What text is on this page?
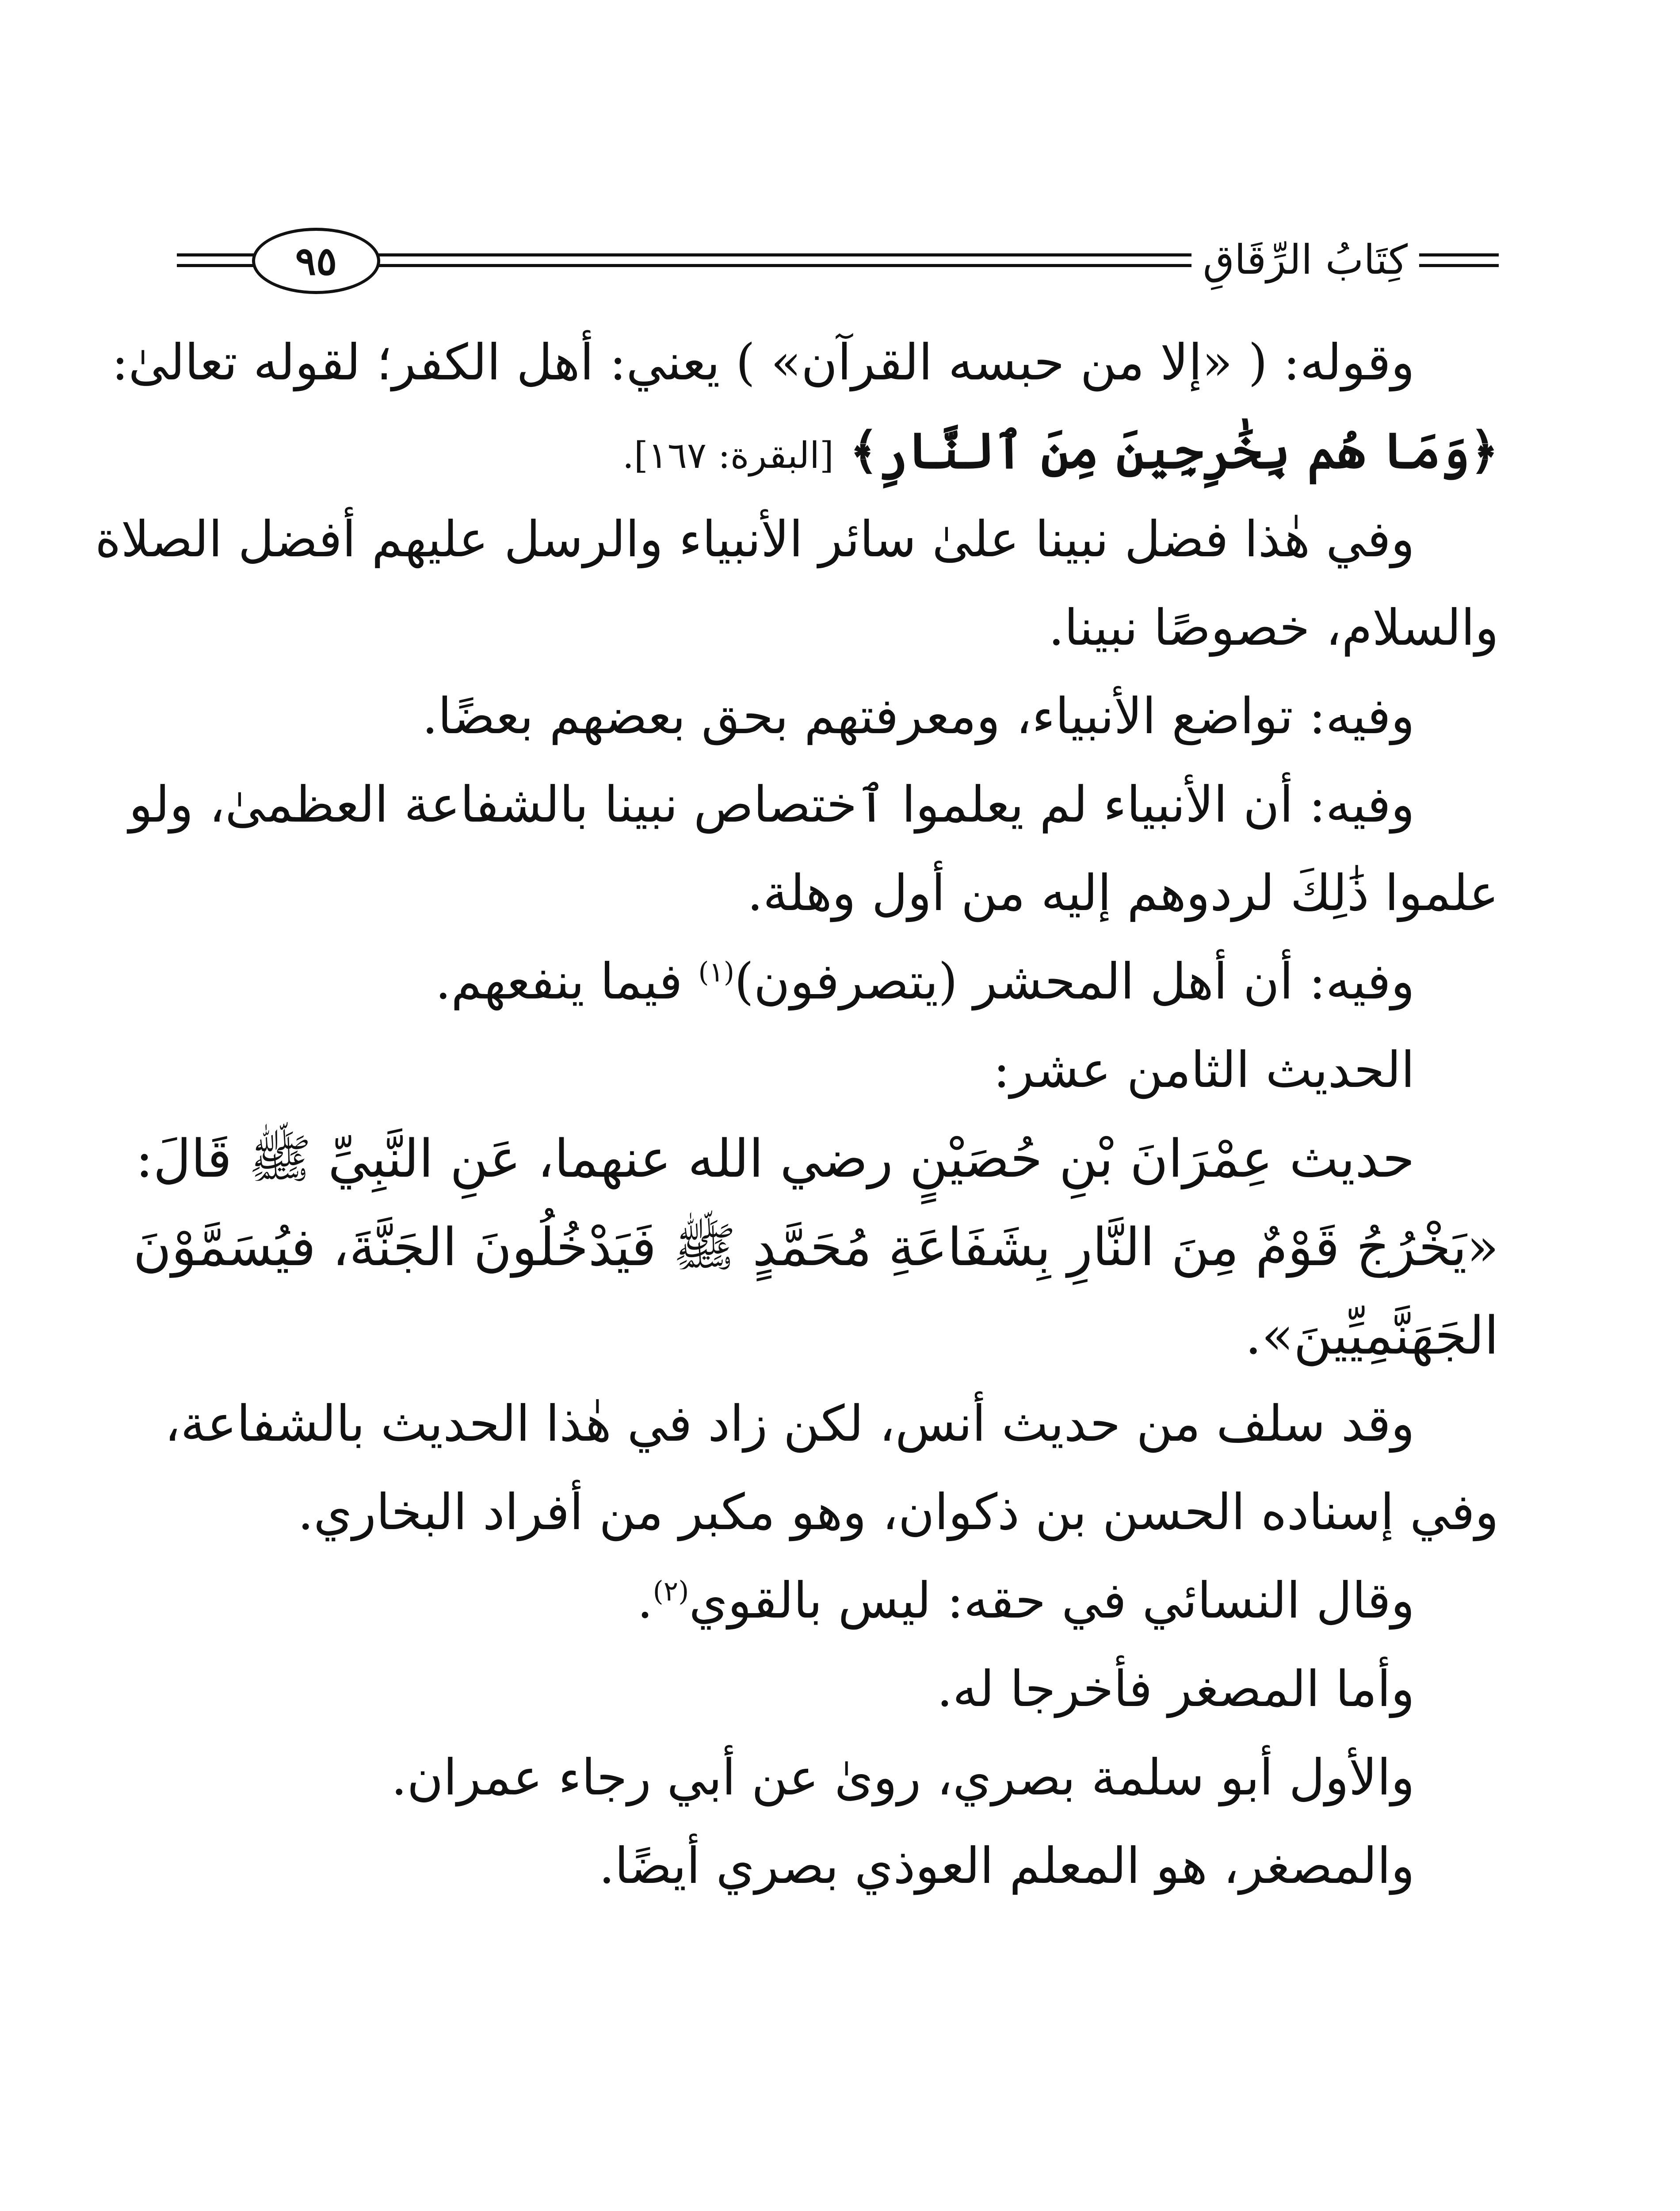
٩٥	كِتَابُ الرِّقَاقِ
وقوله: ( «إلا من حبسه القرآن» ) يعني: أهل الكفر؛ لقوله تعالىٰ:
﴿وَمَا هُم بِخَٰرِجِينَ مِنَ ٱلنَّارِ﴾ [البقرة: ١٦٧].
وفي هٰذا فضل نبينا علىٰ سائر الأنبياء والرسل عليهم أفضل الصلاة
والسلام، خصوصًا نبينا.
وفيه: تواضع الأنبياء، ومعرفتهم بحق بعضهم بعضًا.
وفيه: أن الأنبياء لم يعلموا ٱختصاص نبينا بالشفاعة العظمىٰ، ولو
علموا ذَٰلِكَ لردوهم إليه من أول وهلة.
وفيه: أن أهل المحشر (يتصرفون)$^{(١)}$ فيما ينفعهم.
الحديث الثامن عشر:
حديث عِمْرَانَ بْنِ حُصَيْنٍ رضي الله عنهما، عَنِ النَّبِيِّ ﷺ قَالَ:
«يَخْرُجُ قَوْمٌ مِنَ النَّارِ بِشَفَاعَةِ مُحَمَّدٍ ﷺ فَيَدْخُلُونَ الجَنَّةَ، فيُسَمَّوْنَ
الجَهَنَّمِيِّينَ».
وقد سلف من حديث أنس، لكن زاد في هٰذا الحديث بالشفاعة،
وفي إسناده الحسن بن ذكوان، وهو مكبر من أفراد البخاري.
وقال النسائي في حقه: ليس بالقوي$^{(٢)}$.
وأما المصغر فأخرجا له.
والأول أبو سلمة بصري، روىٰ عن أبي رجاء عمران.
والمصغر، هو المعلم العوذي بصري أيضًا.
